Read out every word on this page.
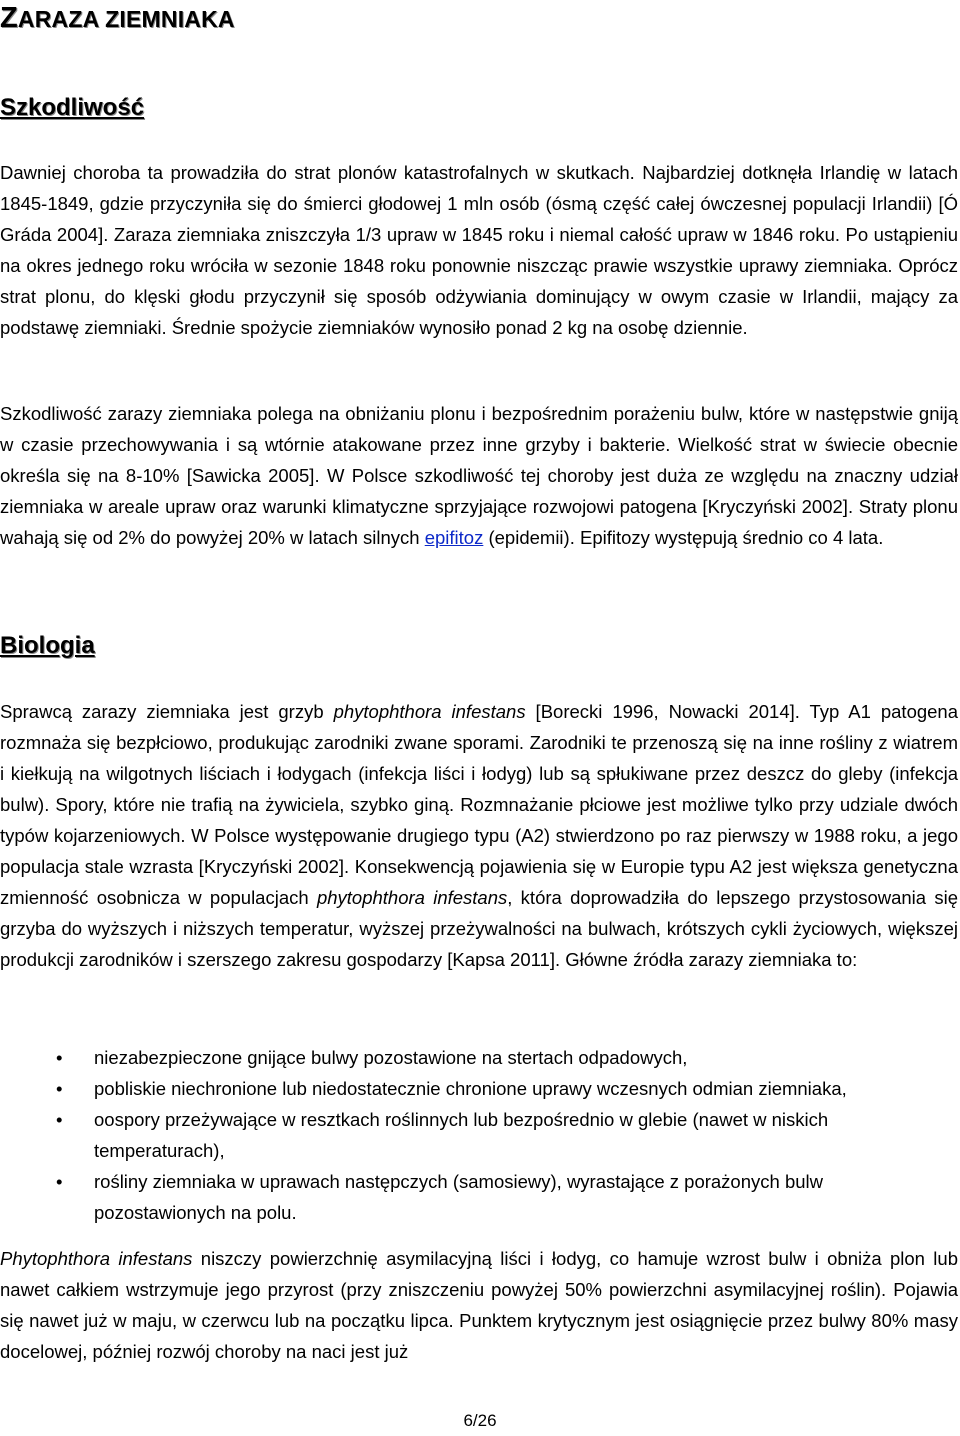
ZARAZA ZIEMNIAKA
Szkodliwość

Dawniej choroba ta prowadziła do strat plonów katastrofalnych w skutkach. Najbardziej dotknęła Irlandię w latach 1845-1849, gdzie przyczyniła się do śmierci głodowej 1 mln osób (ósmą część całej ówczesnej populacji Irlandii) [Ó Gráda 2004]. Zaraza ziemniaka zniszczyła 1/3 upraw w 1845 roku i niemal całość upraw w 1846 roku. Po ustąpieniu na okres jednego roku wróciła w sezonie 1848 roku ponownie niszcząc prawie wszystkie uprawy ziemniaka. Oprócz strat plonu, do klęski głodu przyczynił się sposób odżywiania dominujący w owym czasie w Irlandii, mający za podstawę ziemniaki. Średnie spożycie ziemniaków wynosiło ponad 2 kg na osobę dziennie.

Szkodliwość zarazy ziemniaka polega na obniżaniu plonu i bezpośrednim porażeniu bulw, które w następstwie gniją w czasie przechowywania i są wtórnie atakowane przez inne grzyby i bakterie. Wielkość strat w świecie obecnie określa się na 8-10% [Sawicka 2005]. W Polsce szkodliwość tej choroby jest duża ze względu na znaczny udział ziemniaka w areale upraw oraz warunki klimatyczne sprzyjające rozwojowi patogena [Kryczyński 2002]. Straty plonu wahają się od 2% do powyżej 20% w latach silnych epifitoz (epidemii). Epifitozy występują średnio co 4 lata.

Biologia

Sprawcą zarazy ziemniaka jest grzyb phytophthora infestans [Borecki 1996, Nowacki 2014]. Typ A1 patogena rozmnaża się bezpłciowo, produkując zarodniki zwane sporami. Zarodniki te przenoszą się na inne rośliny z wiatrem i kiełkują na wilgotnych liściach i łodygach (infekcja liści i łodyg) lub są spłukiwane przez deszcz do gleby (infekcja bulw). Spory, które nie trafią na żywiciela, szybko giną. Rozmnażanie płciowe jest możliwe tylko przy udziale dwóch typów kojarzeniowych. W Polsce występowanie drugiego typu (A2) stwierdzono po raz pierwszy w 1988 roku, a jego populacja stale wzrasta [Kryczyński 2002]. Konsekwencją pojawienia się w Europie typu A2 jest większa genetyczna zmienność osobnicza w populacjach phytophthora infestans, która doprowadziła do lepszego przystosowania się grzyba do wyższych i niższych temperatur, wyższej przeżywalności na bulwach, krótszych cykli życiowych, większej produkcji zarodników i szerszego zakresu gospodarzy [Kapsa 2011]. Główne źródła zarazy ziemniaka to:

• niezabezpieczone gnijące bulwy pozostawione na stertach odpadowych,
• pobliskie niechronione lub niedostatecznie chronione uprawy wczesnych odmian ziemniaka,
• oospory przeżywające w resztkach roślinnych lub bezpośrednio w glebie (nawet w niskich temperaturach),
• rośliny ziemniaka w uprawach następczych (samosiewy), wyrastające z porażonych bulw pozostawionych na polu.

Phytophthora infestans niszczy powierzchnię asymilacyjną liści i łodyg, co hamuje wzrost bulw i obniża plon lub nawet całkiem wstrzymuje jego przyrost (przy zniszczeniu powyżej 50% powierzchni asymilacyjnej roślin). Pojawia się nawet już w maju, w czerwcu lub na początku lipca. Punktem krytycznym jest osiągnięcie przez bulwy 80% masy docelowej, później rozwój choroby na naci jest już

6/26
